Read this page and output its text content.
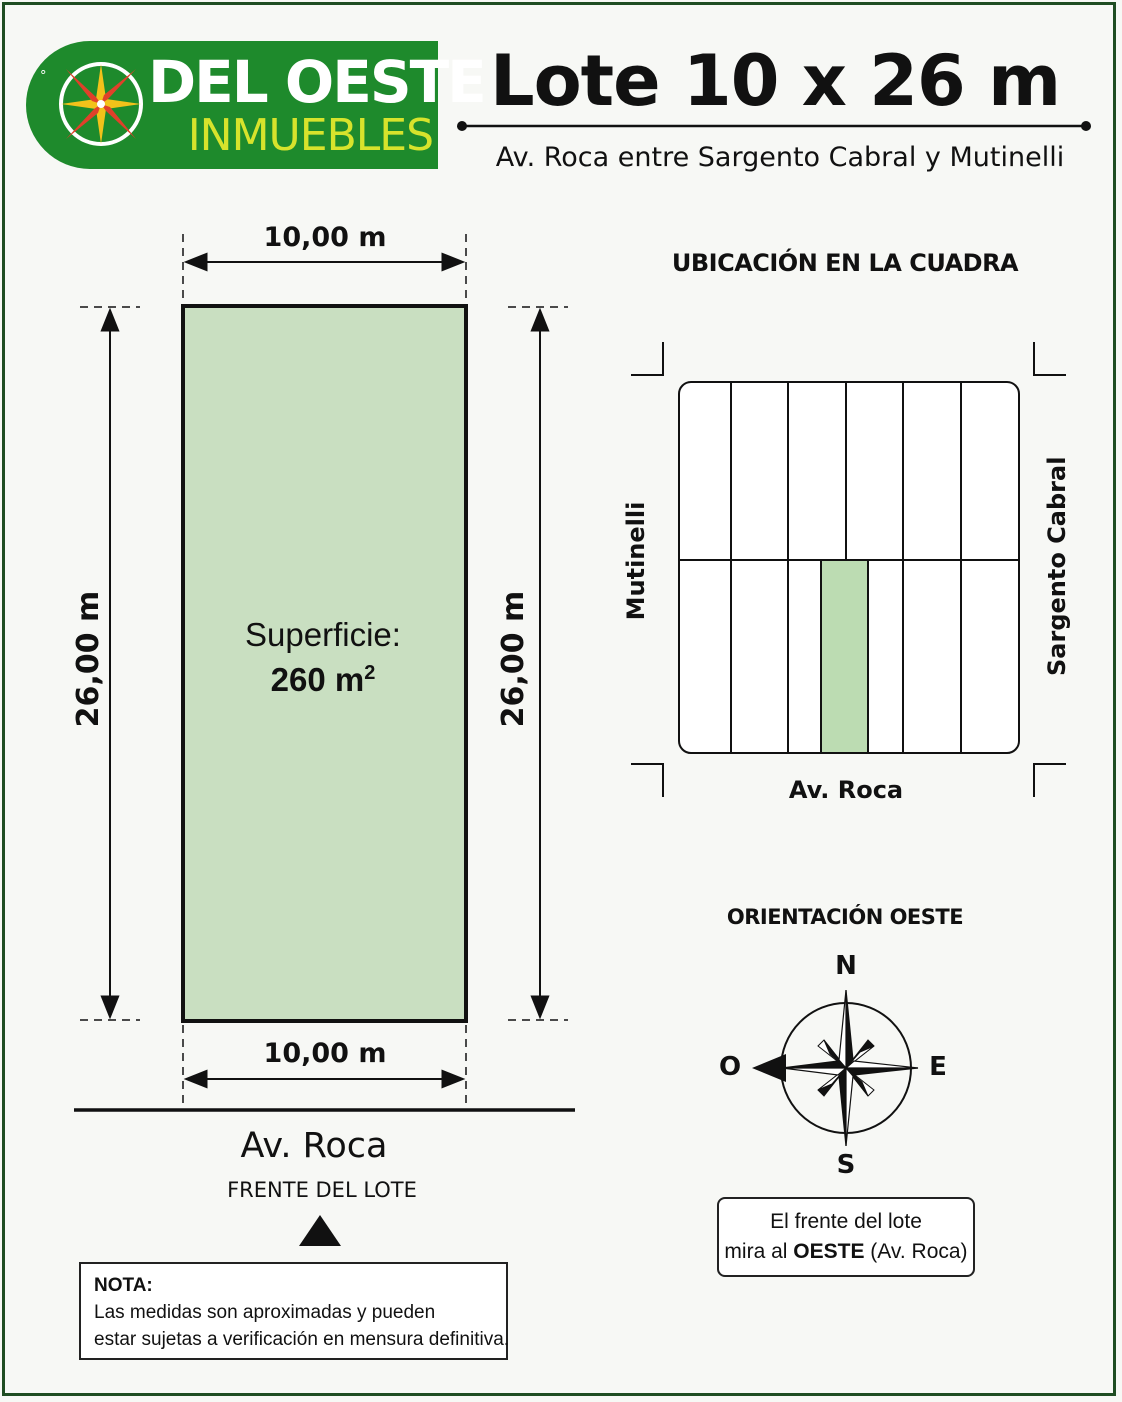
° DEL OESTE
INMUEBLES
Lote 10 x 26 m
Av. Roca entre Sargento Cabral y Mutinelli
10,00 m
10,00 m
26,00 m	26,00 m
Superficie:
260 $m^2$
Av. Roca
FRENTE DEL LOTE
UBICACIÓN EN LA CUADRA
Mutinelli	Sargento Cabral
Av. Roca
ORIENTACIÓN OESTE
N
S
E
O
El frente del lote
mira al OESTE (Av. Roca)
NOTA:
Las medidas son aproximadas y pueden
estar sujetas a verificación en mensura definitiva.
